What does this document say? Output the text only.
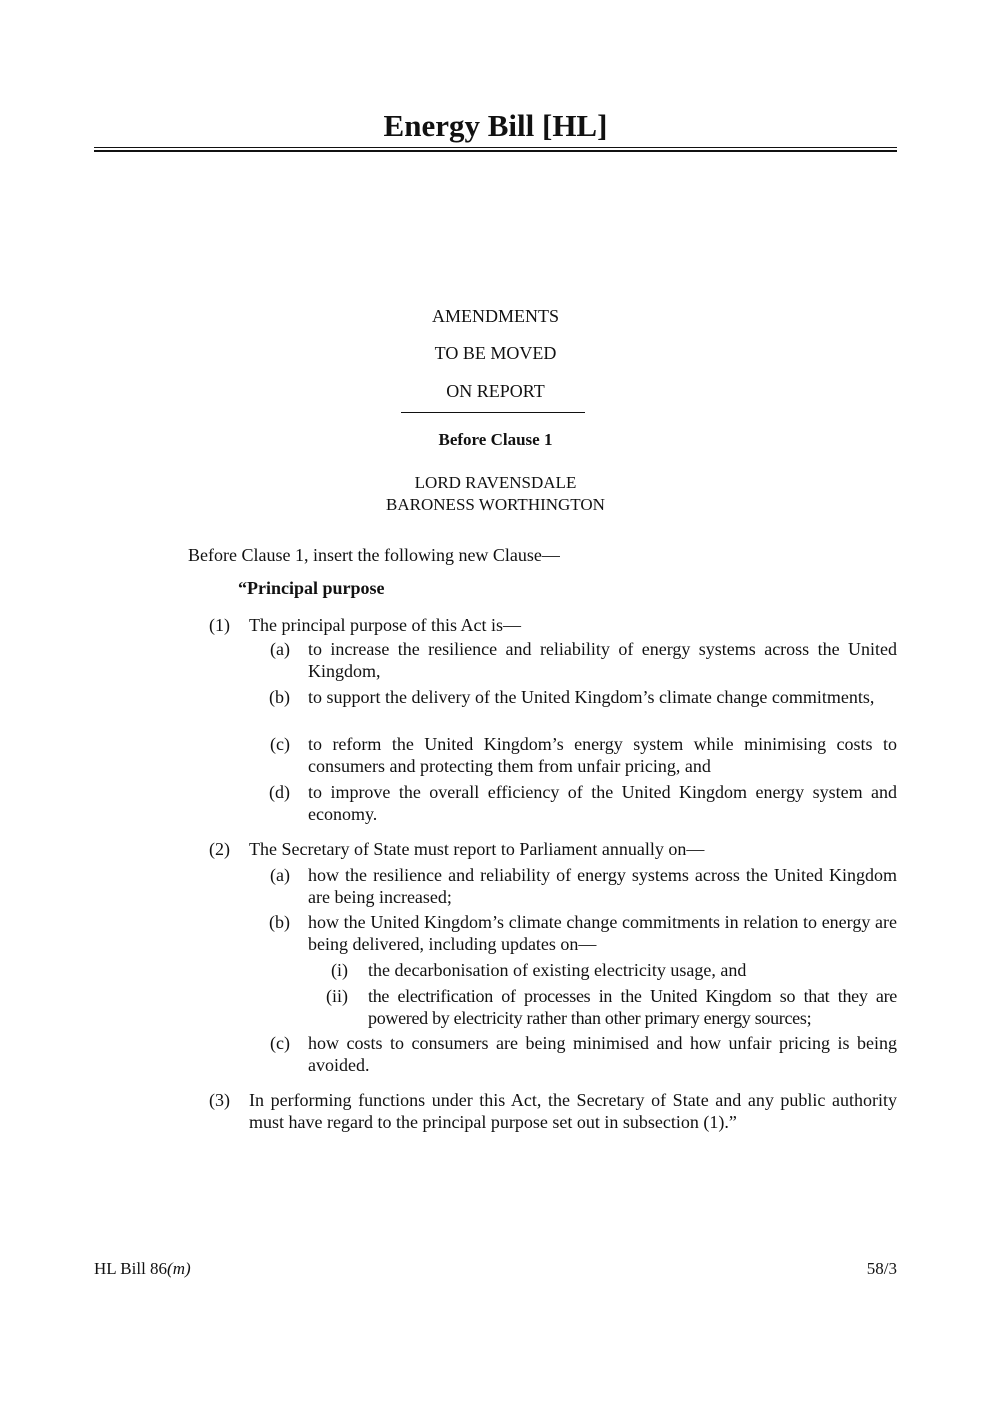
Energy Bill [HL]
AMENDMENTS
TO BE MOVED
ON REPORT
Before Clause 1
LORD RAVENSDALE
BARONESS WORTHINGTON
Before Clause 1, insert the following new Clause—
“Principal purpose
(1) The principal purpose of this Act is—
(a) to increase the resilience and reliability of energy systems across the United Kingdom,
(b) to support the delivery of the United Kingdom’s climate change commitments,
(c) to reform the United Kingdom’s energy system while minimising costs to consumers and protecting them from unfair pricing, and
(d) to improve the overall efficiency of the United Kingdom energy system and economy.
(2) The Secretary of State must report to Parliament annually on—
(a) how the resilience and reliability of energy systems across the United Kingdom are being increased;
(b) how the United Kingdom’s climate change commitments in relation to energy are being delivered, including updates on—
(i) the decarbonisation of existing electricity usage, and
(ii) the electrification of processes in the United Kingdom so that they are powered by electricity rather than other primary energy sources;
(c) how costs to consumers are being minimised and how unfair pricing is being avoided.
(3) In performing functions under this Act, the Secretary of State and any public authority must have regard to the principal purpose set out in subsection (1).”
HL Bill 86(m)	58/3
